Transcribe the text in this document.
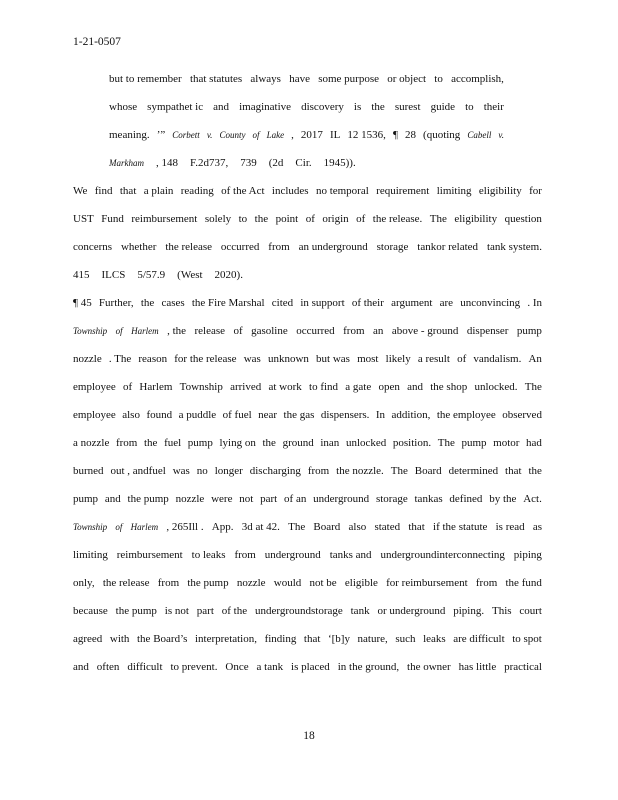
1-21-0507
but to remember that statutes always have some purpose or object to accomplish,
whose sympathet ic and imaginative discovery is the surest guide to their
meaning. ’” Corbett v. County of Lake , 2017 IL 12 1536, ¶ 28 (quoting Cabell v.
Markham , 148 F.2d737, 739 (2d Cir. 1945)).
We find that a plain reading of the Act includes no temporal requirement limiting eligibility for
UST Fund reimbursement solely to the point of origin of the release. The eligibility question
concerns whether the release occurred from an underground storage tankor related tank system.
415 ILCS 5/57.9 (West 2020).
¶ 45 Further, the cases the Fire Marshal cited in support of their argument are unconvincing . In
Township of Harlem , the release of gasoline occurred from an above - ground dispenser pump
nozzle . The reason for the release was unknown but was most likely a result of vandalism. An
employee of Harlem Township arrived at work to find a gate open and the shop unlocked. The
employee also found a puddle of fuel near the gas dispensers. In addition, the employee observed
a nozzle from the fuel pump lying on the ground inan unlocked position. The pump motor had
burned out , andfuel was no longer discharging from the nozzle. The Board determined that the
pump and the pump nozzle were not part of an underground storage tankas defined by the Act.
Township of Harlem , 265Ill . App. 3d at 42. The Board also stated that if the statute is read as
limiting reimbursement to leaks from underground tanks and undergroundinterconnecting piping
only, the release from the pump nozzle would not be eligible for reimbursement from the fund
because the pump is not part of the undergroundstorage tank or underground piping. This court
agreed with the Board’s interpretation, finding that ‘[b]y nature, such leaks are difficult to spot
and often difficult to prevent. Once a tank is placed in the ground, the owner has little practical
18
